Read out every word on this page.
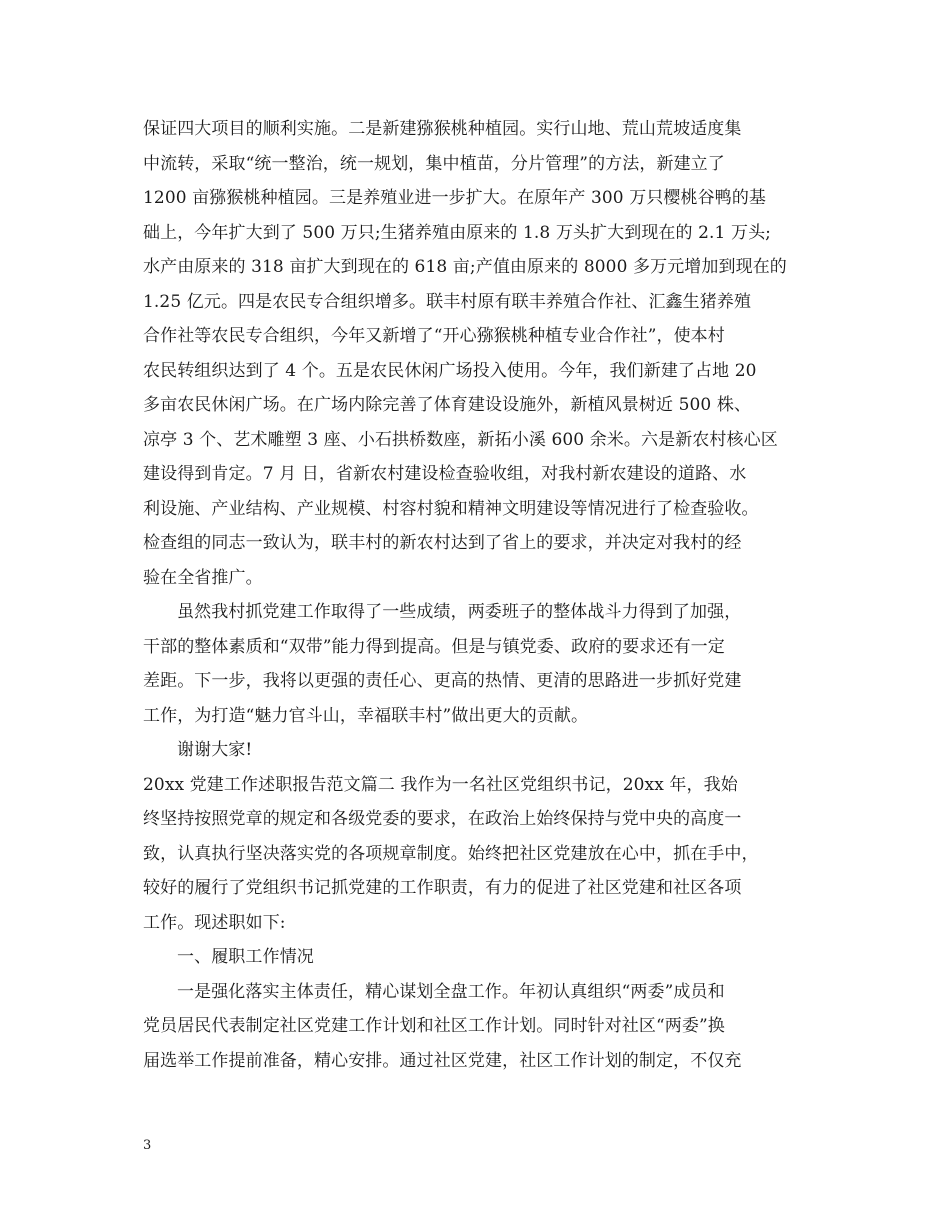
保证四大项目的顺利实施。二是新建猕猴桃种植园。实行山地、荒山荒坡适度集
中流转，采取“统一整治，统一规划，集中植苗，分片管理”的方法，新建立了
1200 亩猕猴桃种植园。三是养殖业进一步扩大。在原年产 300 万只樱桃谷鸭的基
础上，今年扩大到了 500 万只;生猪养殖由原来的 1.8 万头扩大到现在的 2.1 万头;
水产由原来的 318 亩扩大到现在的 618 亩;产值由原来的 8000 多万元增加到现在的
1.25 亿元。四是农民专合组织增多。联丰村原有联丰养殖合作社、汇鑫生猪养殖
合作社等农民专合组织，今年又新增了“开心猕猴桃种植专业合作社”，使本村
农民转组织达到了 4 个。五是农民休闲广场投入使用。今年，我们新建了占地 20
多亩农民休闲广场。在广场内除完善了体育建设设施外，新植风景树近 500 株、
凉亭 3 个、艺术雕塑 3 座、小石拱桥数座，新拓小溪 600 余米。六是新农村核心区
建设得到肯定。7 月 日，省新农村建设检查验收组，对我村新农建设的道路、水
利设施、产业结构、产业规模、村容村貌和精神文明建设等情况进行了检查验收。
检查组的同志一致认为，联丰村的新农村达到了省上的要求，并决定对我村的经
验在全省推广。
虽然我村抓党建工作取得了一些成绩，两委班子的整体战斗力得到了加强，
干部的整体素质和“双带”能力得到提高。但是与镇党委、政府的要求还有一定
差距。下一步，我将以更强的责任心、更高的热情、更清的思路进一步抓好党建
工作，为打造“魅力官斗山，幸福联丰村”做出更大的贡献。
谢谢大家!
20xx 党建工作述职报告范文篇二 我作为一名社区党组织书记，20xx 年，我始
终坚持按照党章的规定和各级党委的要求，在政治上始终保持与党中央的高度一
致，认真执行坚决落实党的各项规章制度。始终把社区党建放在心中，抓在手中，
较好的履行了党组织书记抓党建的工作职责，有力的促进了社区党建和社区各项
工作。现述职如下:
一、履职工作情况
一是强化落实主体责任，精心谋划全盘工作。年初认真组织“两委”成员和
党员居民代表制定社区党建工作计划和社区工作计划。同时针对社区“两委”换
届选举工作提前准备，精心安排。通过社区党建，社区工作计划的制定，不仅充
3
